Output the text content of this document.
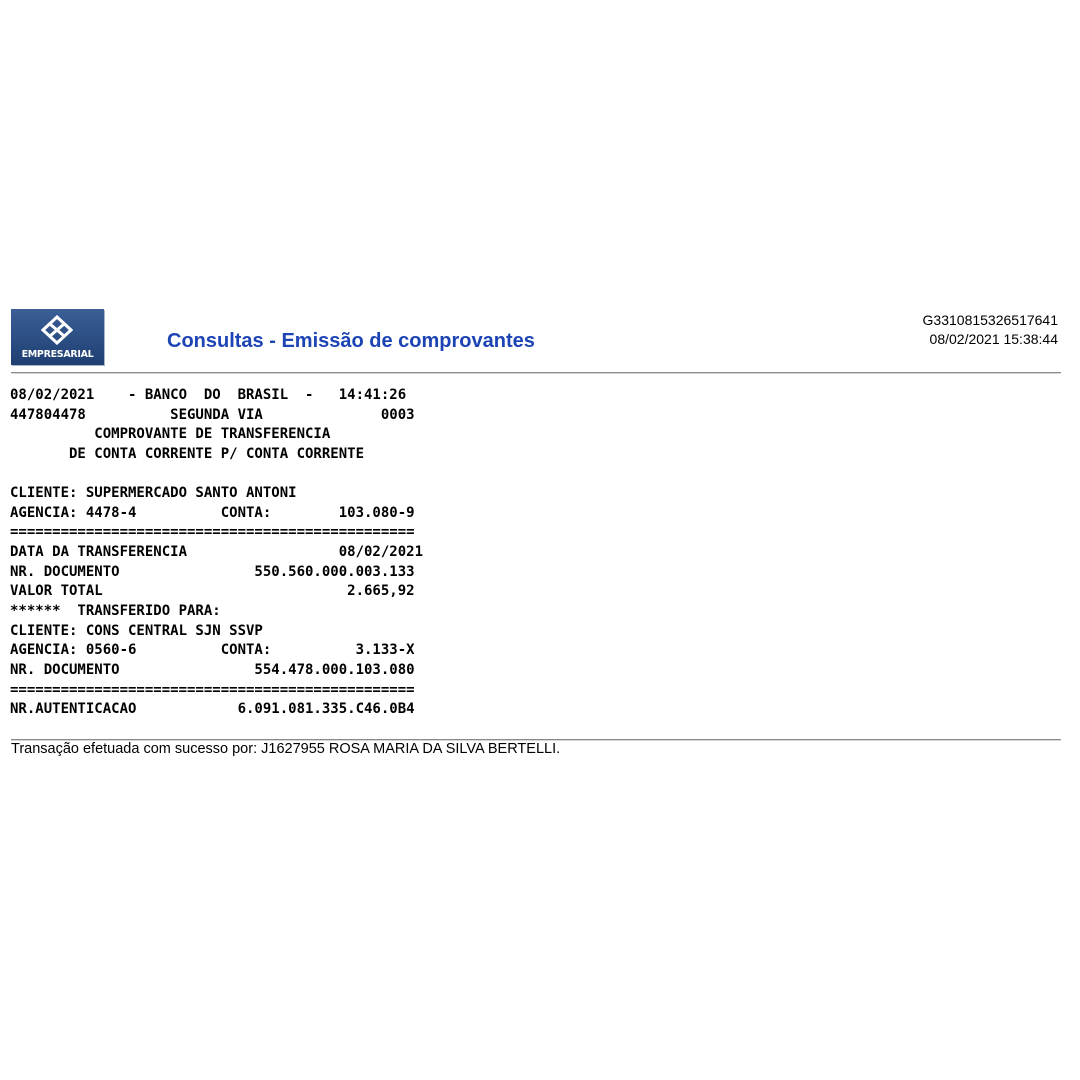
EMPRESARIAL
Consultas - Emissão de comprovantes
G3310815326517641
08/02/2021 15:38:44
08/02/2021    - BANCO  DO  BRASIL  -   14:41:26
447804478          SEGUNDA VIA              0003
COMPROVANTE DE TRANSFERENCIA
DE CONTA CORRENTE P/ CONTA CORRENTE
CLIENTE: SUPERMERCADO SANTO ANTONI
AGENCIA: 4478-4          CONTA:        103.080-9
================================================
DATA DA TRANSFERENCIA                  08/02/2021
NR. DOCUMENTO                550.560.000.003.133
VALOR TOTAL                             2.665,92
******  TRANSFERIDO PARA:
CLIENTE: CONS CENTRAL SJN SSVP
AGENCIA: 0560-6          CONTA:          3.133-X
NR. DOCUMENTO                554.478.000.103.080
================================================
NR.AUTENTICACAO            6.091.081.335.C46.0B4
Transação efetuada com sucesso por: J1627955 ROSA MARIA DA SILVA BERTELLI.
